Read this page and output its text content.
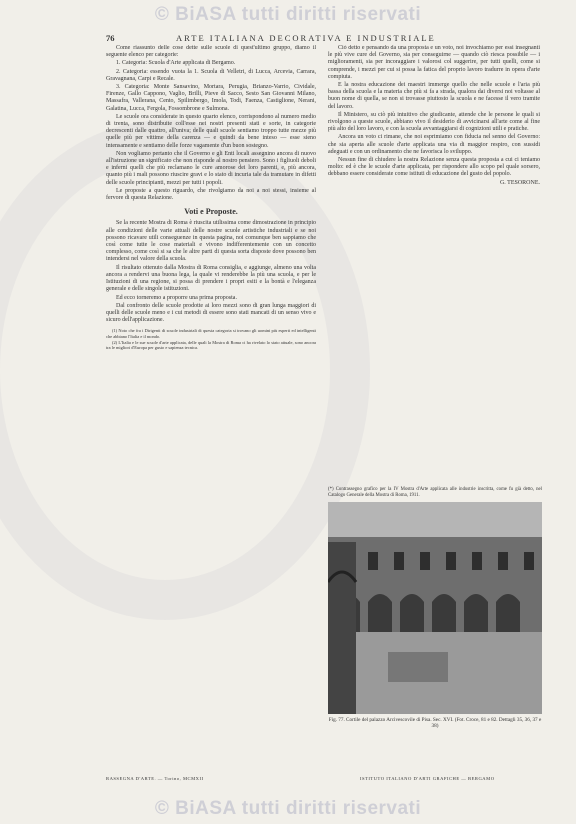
© BiASA tutti diritti riservati
76	ARTE ITALIANA DECORATIVA E INDUSTRIALE

Come riassunto delle cose dette sulle scuole di quest'ultimo gruppo, diamo il seguente elenco per categorie:

1. Categoria: Scuola d'Arte applicata di Bergamo.

2. Categoria: essendo vuota la 1. Scuola di Velletri, di Lucca, Arcevia, Carrara, Gravagnana, Carpi e Recale.

3. Categoria: Monte Sansavino, Mortara, Perugia, Brianzo-Varrio, Cividale, Firenze, Gallo Cappono, Vaglio, Brilli, Pieve di Sacco, Sesto San Giovanni Milano, Massafra, Vallerana, Cento, Spilimbergo, Imola, Todi, Faenza, Castiglione, Nerani, Galatina, Lucca, Fergola, Fossombrone e Sulmona.

Le scuole ora considerate in questo quarto elenco, corrispondono al numero medio di trenta, sono distribuite coll'esse nei nostri presenti stati e sorte, in categorie decrescenti dalle quattro, all'univa; delle quali scuole sentiamo troppo tutte mezze più quelle più per vittime della carenza — e quindi da bene inteso — esse sieno intensamente e sentiamo delle forze vagamente d'un buon sostegno.

Non vogliamo pertanto che il Governo e gli Enti locali assegnino ancora di nuovo all'istruzione un significato che non risponde al nostro pensiero. Sono i figliuoli deboli e inferni quelli che più reclamano le cure amorose dei loro parenti, e, più ancora, quanto più i mali possono riuscire gravi e lo stato di incuria tale da tramutare in difetti delle scuole principianti, mezzi per tutti i popoli.

Le proposte a questo riguardo, che rivolgiamo da noi a noi stessi, insieme al fervore di questa Relazione.

Voti e Proposte.

Se la recente Mostra di Roma è riuscita utilissima come dimostrazione in principio alle condizioni delle varie attuali delle nostre scuole artistiche industriali e se noi possono ricavare utili conseguenze in questa pagina, noi comunque ben sappiamo che così come tutte le cose materiali e vivono indifferentemente con un concetto complesso, come così si sa che le altre parti di questa sorta disposte dove possono ben intendersi nel valore della scuola.

Il risultato ottenuto dalla Mostra di Roma consiglia, e aggiunge, almeno una volta ancora a rendervi una buona lega, la quale vi renderebbe la più una scuola, e per le Istituzioni di una regione, si possa di prendere i propri esiti e la bontà e l'eleganza generale e delle singole istituzioni.

Ed ecco torneremo a proporre una prima proposta.

Dal confronto delle scuole prodotte ai loro mezzi sono di gran lunga maggiori di quelli delle scuole meno e i cui metodi di essere sono stati mancati di un senso vivo e sicuro dell'applicazione.

(1) Noto che fra i Dirigenti di scuole industriali di questa categoria si trovano gli uomini più esperti ed intelligenti che abbiano l'Italia e il mondo.

(2) L'Italia e le sue scuole d'arte applicata, delle quali la Mostra di Roma ci ha rivelato lo stato attuale, sono ancora tra le migliori d'Europa per gusto e sapienza tecnica.

Ciò detto e pensando da una proposta e un voto, noi invochiamo per essi insegnanti le più vive cure del Governo, sia per conseguirne — quando ciò riesca possibile — i miglioramenti, sia per incoraggiare i valorosi col suggerire, per tutti quelli, come si comprende, i mezzi per cui si possa la fatica del proprio lavoro tradurre in opera d'arte compiuta.

E la nostra educazione dei maestri immerge quello che nelle scuole e l'aria più bassa della scuola e la materia che più si fa a strada, qualora dai diversi noi voltasse al buon nome di quella, se non si trovasse piuttosto la scuola e ne facesse il vero tramite del lavoro.

Il Ministero, su ciò più intuitivo che giudicante, attende che le persone le quali si rivolgono a queste scuole, abbiano vivo il desiderio di avvicinarsi all'arte come al fine più alto del loro lavoro, e con la scuola avvantaggiarsi di cognizioni utili e pratiche.

Ancora un voto ci rimane, che noi esprimiamo con fiducia nel senno del Governo: che sia aperta alle scuole d'arte applicata una via di maggior respiro, con sussidi adeguati e con un ordinamento che ne favorisca lo sviluppo.

Nessun fine di chiudere la nostra Relazione senza questa proposta a cui ci teniamo molto: ed è che le scuole d'arte applicata, per rispondere allo scopo pel quale sorsero, debbano essere considerate come istituti di educazione del gusto del popolo.

G. TESORONE.

(*) Contrassegno grafico per la IV Mostra d'Arte applicata alle industrie inscritta, come fu già detto, nel Catalogo Generale della Mostra di Roma, 1911.
Fig. 77. Cortile del palazzo Arcivescovile di Pisa. Sec. XVI. (Fot. Croce, 81 e 82. Dettagli 35, 36, 37 e 38)
RASSEGNA D'ARTE. — Torino, MCMXII	ISTITUTO ITALIANO D'ARTI GRAFICHE — BERGAMO
© BiASA tutti diritti riservati
